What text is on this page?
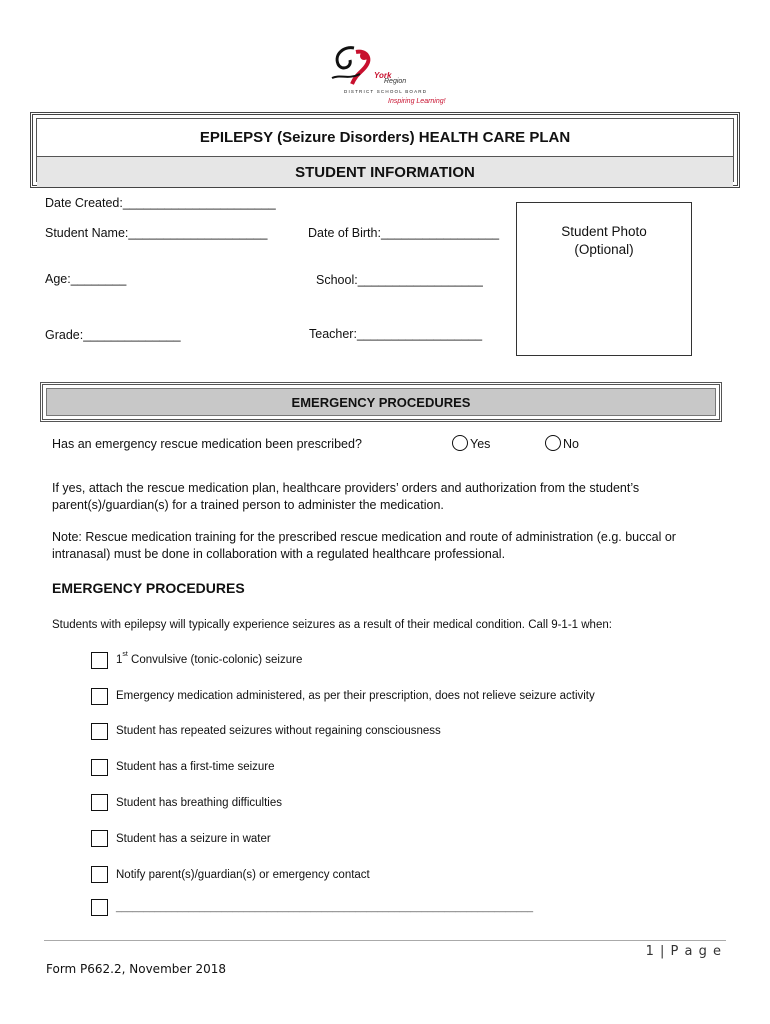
York
Region
DISTRICT SCHOOL BOARD
Inspiring Learning!
EPILEPSY (Seizure Disorders) HEALTH CARE PLAN
STUDENT INFORMATION
Date Created:______________________
Student Name:____________________	Date of Birth:_________________
Age:________	School:__________________
Grade:______________	Teacher:__________________
Student Photo
(Optional)
EMERGENCY PROCEDURES
Has an emergency rescue medication been prescribed?	Yes	No
If yes, attach the rescue medication plan, healthcare providers’ orders and authorization from the student’s parent(s)/guardian(s) for a trained person to administer the medication.
Note: Rescue medication training for the prescribed rescue medication and route of administration (e.g. buccal or intranasal) must be done in collaboration with a regulated healthcare professional.
EMERGENCY PROCEDURES
Students with epilepsy will typically experience seizures as a result of their medical condition. Call 9-1-1 when:
1st Convulsive (tonic-colonic) seizure
Emergency medication administered, as per their prescription, does not relieve seizure activity
Student has repeated seizures without regaining consciousness
Student has a first-time seizure
Student has breathing difficulties
Student has a seizure in water
Notify parent(s)/guardian(s) or emergency contact
___________________________________________________________________________
1 | P a g e
Form P662.2, November 2018
